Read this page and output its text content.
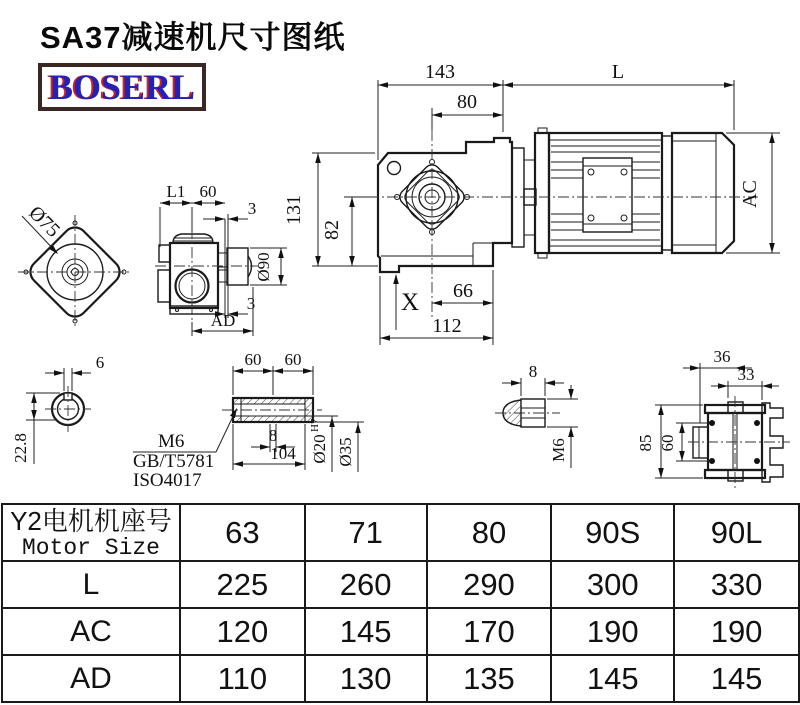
SA37减速机尺寸图纸
BOSERL	143	L
80
131
82
AC
X 66
112
Ø75
L1 60
3
Ø90
3
AD
6
22.8
60 60
8
104 Ø20
H7
Ø35
M6
GB/T5781
ISO4017
8
M6
36
33
85 60
Y2电机机座号
Motor Size	63	71	80	90S	90L
L	225	260	290	300	330
AC	120	145	170	190	190
AD	110	130	135	145	145
